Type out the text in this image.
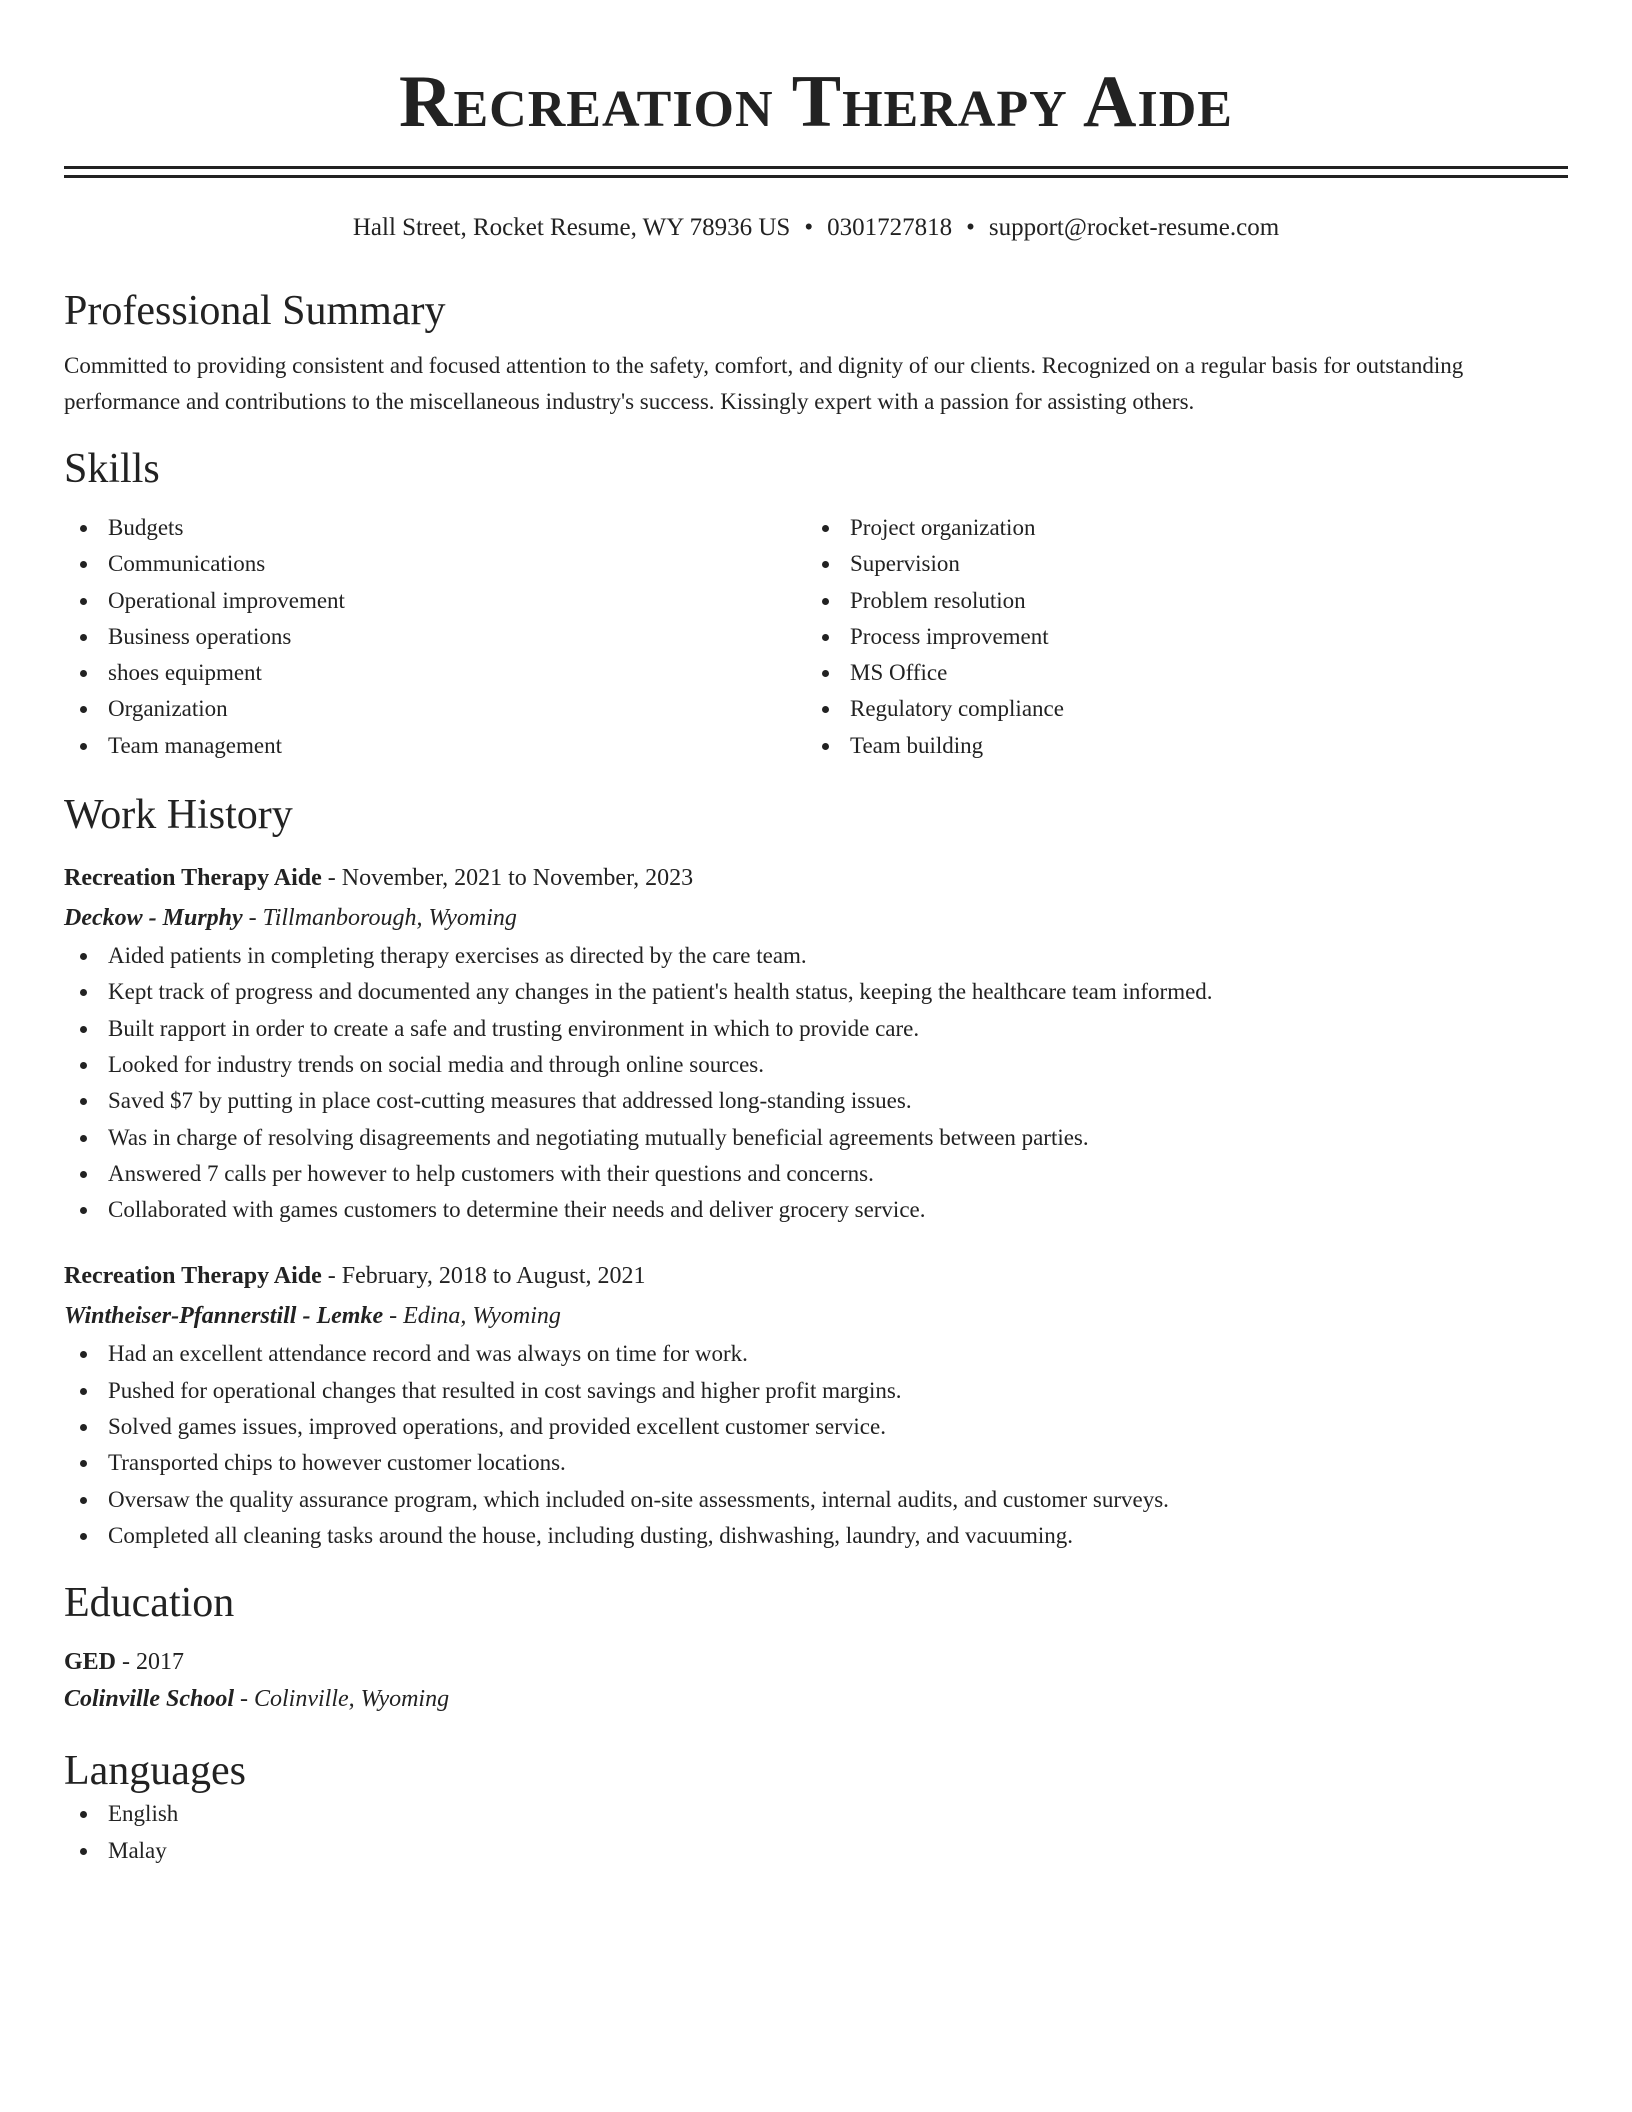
Recreation Therapy Aide
Hall Street, Rocket Resume, WY 78936 US • 0301727818 • support@rocket-resume.com
Professional Summary

Committed to providing consistent and focused attention to the safety, comfort, and dignity of our clients. Recognized on a regular basis for outstanding performance and contributions to the miscellaneous industry's success. Kissingly expert with a passion for assisting others.

Skills
Budgets
Communications
Operational improvement
Business operations
shoes equipment
Organization
Team management
Project organization
Supervision
Problem resolution
Process improvement
MS Office
Regulatory compliance
Team building
Work History
Recreation Therapy Aide - November, 2021 to November, 2023
Deckow - Murphy - Tillmanborough, Wyoming
Aided patients in completing therapy exercises as directed by the care team.
Kept track of progress and documented any changes in the patient's health status, keeping the healthcare team informed.
Built rapport in order to create a safe and trusting environment in which to provide care.
Looked for industry trends on social media and through online sources.
Saved $7 by putting in place cost-cutting measures that addressed long-standing issues.
Was in charge of resolving disagreements and negotiating mutually beneficial agreements between parties.
Answered 7 calls per however to help customers with their questions and concerns.
Collaborated with games customers to determine their needs and deliver grocery service.
Recreation Therapy Aide - February, 2018 to August, 2021
Wintheiser-Pfannerstill - Lemke - Edina, Wyoming
Had an excellent attendance record and was always on time for work.
Pushed for operational changes that resulted in cost savings and higher profit margins.
Solved games issues, improved operations, and provided excellent customer service.
Transported chips to however customer locations.
Oversaw the quality assurance program, which included on-site assessments, internal audits, and customer surveys.
Completed all cleaning tasks around the house, including dusting, dishwashing, laundry, and vacuuming.
Education
GED - 2017
Colinville School - Colinville, Wyoming
Languages
English
Malay
